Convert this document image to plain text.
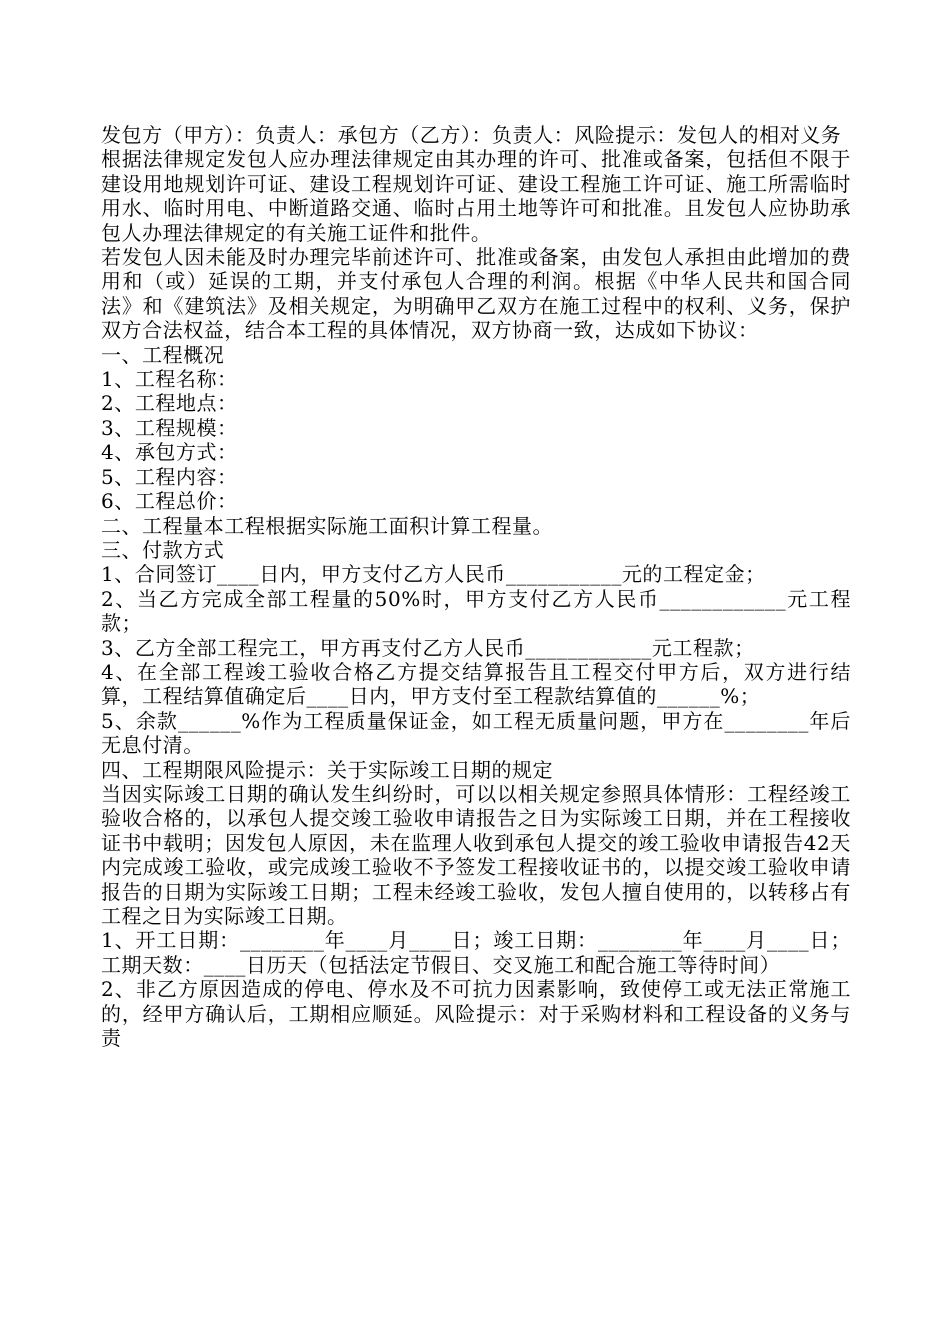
发包方（甲方）：负责人：承包方（乙方）：负责人：风险提示：发包人的相对义务

根据法律规定发包人应办理法律规定由其办理的许可、批准或备案，包括但不限于建设用地规划许可证、建设工程规划许可证、建设工程施工许可证、施工所需临时用水、临时用电、中断道路交通、临时占用土地等许可和批准。且发包人应协助承包人办理法律规定的有关施工证件和批件。

若发包人因未能及时办理完毕前述许可、批准或备案，由发包人承担由此增加的费用和（或）延误的工期，并支付承包人合理的利润。根据《中华人民共和国合同法》和《建筑法》及相关规定，为明确甲乙双方在施工过程中的权利、义务，保护双方合法权益，结合本工程的具体情况，双方协商一致，达成如下协议：

一、工程概况

1、工程名称：

2、工程地点：

3、工程规模：

4、承包方式：

5、工程内容：

6、工程总价：

二、工程量本工程根据实际施工面积计算工程量。

三、付款方式

1、合同签订____日内，甲方支付乙方人民币___________元的工程定金；

2、当乙方完成全部工程量的50%时，甲方支付乙方人民币____________元工程款；

3、乙方全部工程完工，甲方再支付乙方人民币____________元工程款；

4、在全部工程竣工验收合格乙方提交结算报告且工程交付甲方后，双方进行结算，工程结算值确定后____日内，甲方支付至工程款结算值的______%；

5、余款______%作为工程质量保证金，如工程无质量问题，甲方在________年后无息付清。

四、工程期限风险提示：关于实际竣工日期的规定

当因实际竣工日期的确认发生纠纷时，可以以相关规定参照具体情形：工程经竣工验收合格的，以承包人提交竣工验收申请报告之日为实际竣工日期，并在工程接收证书中载明；因发包人原因，未在监理人收到承包人提交的竣工验收申请报告42天内完成竣工验收，或完成竣工验收不予签发工程接收证书的，以提交竣工验收申请报告的日期为实际竣工日期；工程未经竣工验收，发包人擅自使用的，以转移占有工程之日为实际竣工日期。

1、开工日期：________年____月____日；竣工日期：________年____月____日；工期天数：____日历天（包括法定节假日、交叉施工和配合施工等待时间）

2、非乙方原因造成的停电、停水及不可抗力因素影响，致使停工或无法正常施工的，经甲方确认后，工期相应顺延。风险提示：对于采购材料和工程设备的义务与责
